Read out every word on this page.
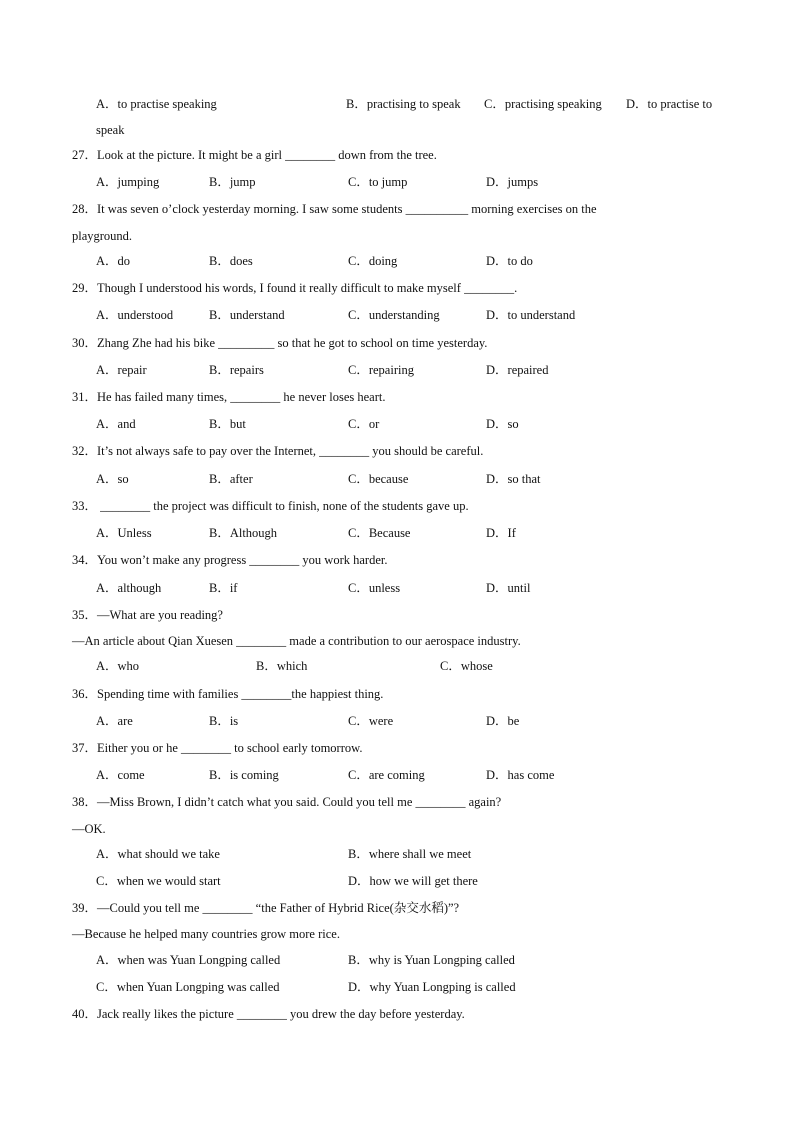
A．to practise speaking	B．practising to speak C．practising speaking D．to practise to
speak
27．Look at the picture. It might be a girl ________ down from the tree.
A．jumping	B．jump	C．to jump	D．jumps
28．It was seven o’clock yesterday morning. I saw some students __________ morning exercises on the
playground.
A．do	B．does	C．doing	D．to do
29．Though I understood his words, I found it really difficult to make myself ________.
A．understood	B．understand	C．understanding	D．to understand
30．Zhang Zhe had his bike _________ so that he got to school on time yesterday.
A．repair	B．repairs	C．repairing	D．repaired
31．He has failed many times, ________ he never loses heart.
A．and	B．but	C．or	D．so
32．It’s not always safe to pay over the Internet, ________ you should be careful.
A．so	B．after	C．because	D．so that
33． ________ the project was difficult to finish, none of the students gave up.
A．Unless	B．Although	C．Because	D．If
34．You won’t make any progress ________ you work harder.
A．although	B．if	C．unless	D．until
35．—What are you reading?
—An article about Qian Xuesen ________ made a contribution to our aerospace industry.
A．who	B．which	C．whose
36．Spending time with families ________the happiest thing.
A．are	B．is	C．were	D．be
37．Either you or he ________ to school early tomorrow.
A．come	B．is coming	C．are coming	D．has come
38．—Miss Brown, I didn’t catch what you said. Could you tell me ________ again?
—OK.
A．what should we take	B．where shall we meet
C．when we would start	D．how we will get there
39．—Could you tell me ________ “the Father of Hybrid Rice(杂交水稻)”?
—Because he helped many countries grow more rice.
A．when was Yuan Longping called	B．why is Yuan Longping called
C．when Yuan Longping was called	D．why Yuan Longping is called
40．Jack really likes the picture ________ you drew the day before yesterday.
